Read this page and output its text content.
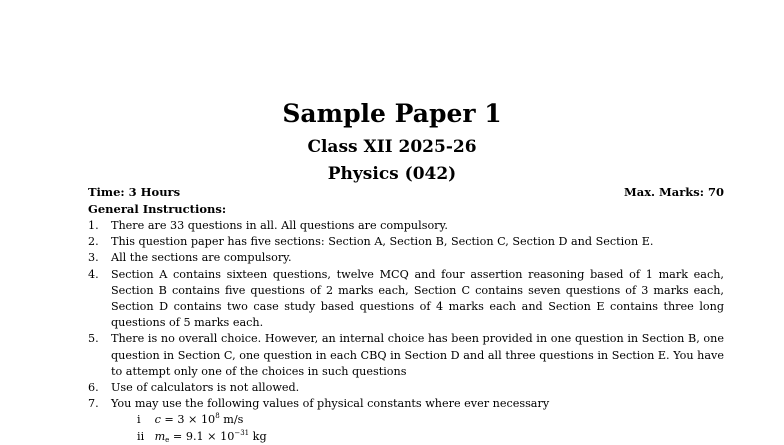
Sample Paper 1
Class XII 2025-26
Physics (042)
Time: 3 Hours	Max. Marks: 70
General Instructions:
1. There are 33 questions in all. All questions are compulsory.
2. This question paper has five sections: Section A, Section B, Section C, Section D and Section E.
3. All the sections are compulsory.
4. Section A contains sixteen questions, twelve MCQ and four assertion reasoning based of 1 mark each, Section B contains five questions of 2 marks each, Section C contains seven questions of 3 marks each, Section D contains two case study based questions of 4 marks each and Section E contains three long questions of 5 marks each.
5. There is no overall choice. However, an internal choice has been provided in one question in Section B, one question in Section C, one question in each CBQ in Section D and all three questions in Section E. You have to attempt only one of the choices in such questions
6. Use of calculators is not allowed.
7. You may use the following values of physical constants where ever necessary
i $c = 3 \times 10^8$ m/s
ii $m_e = 9.1 \times 10^{-31}$ kg
